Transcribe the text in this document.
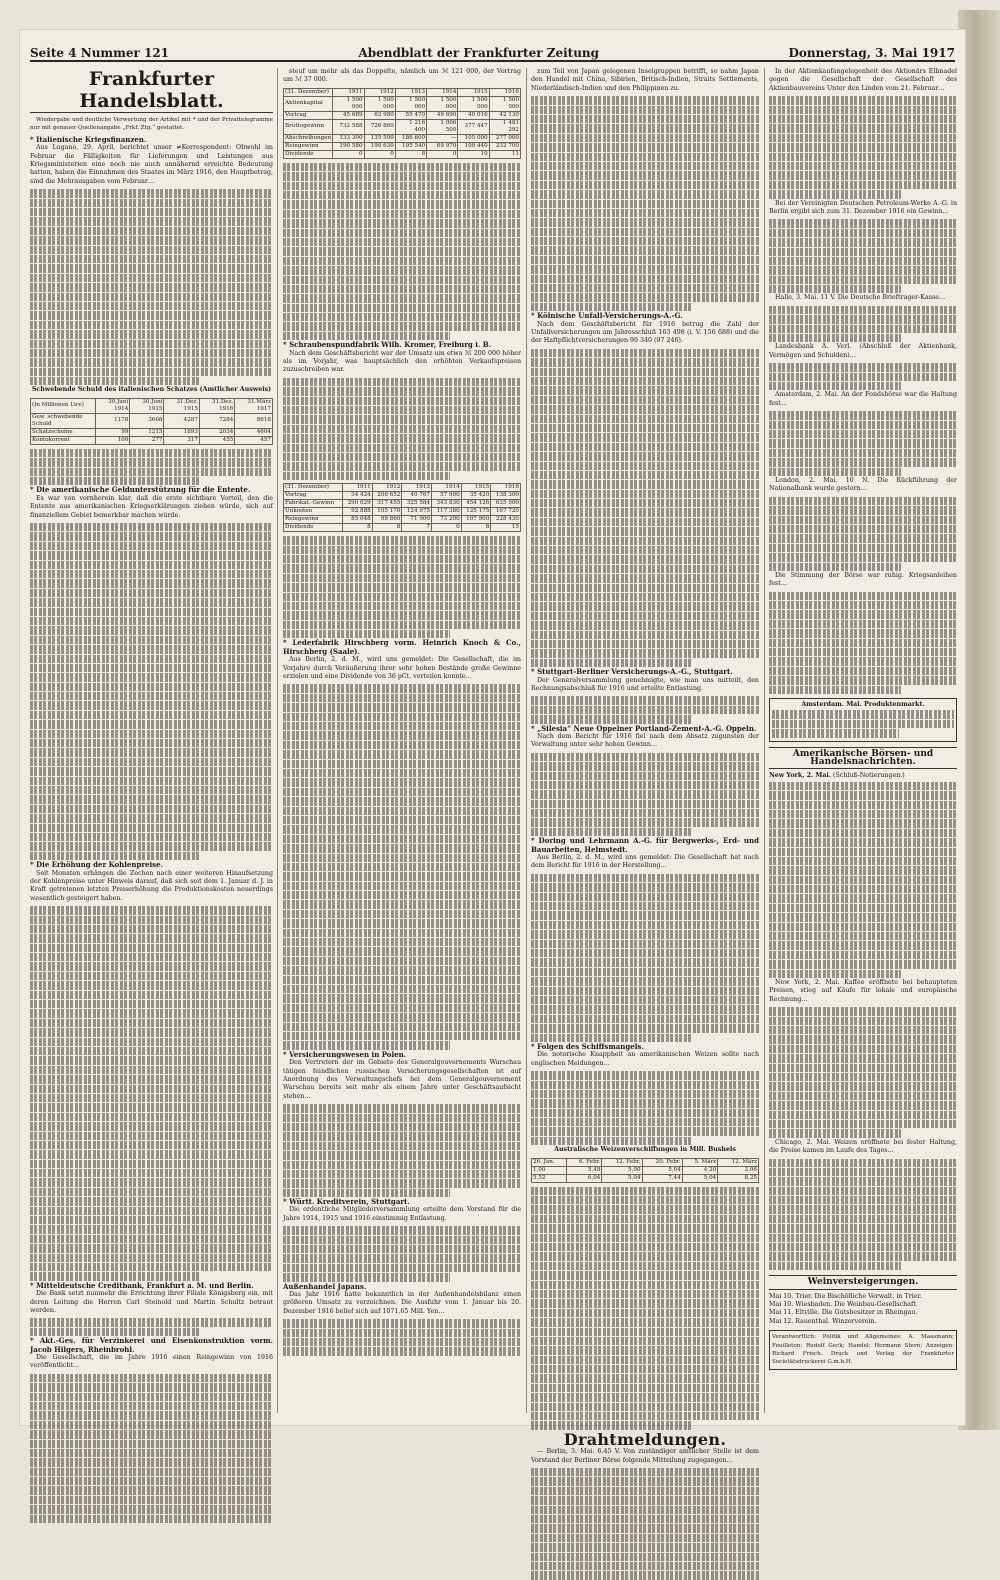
Seite 4 Nummer 121	Abendblatt der Frankfurter Zeitung	Donnerstag, 3. Mai 1917
Frankfurter Handelsblatt.
Wiedergabe und deutliche Verwertung der Artikel mit * und der Privattelegramme nur mit genauer Quellenangabe „Frkf. Ztg.“ gestattet.
* Italienische Kriegsfinanzen.
Aus Lugano, 29. April, berichtet unser ≠Korrespondent: Obwohl im Februar die Fälligkeiten für Lieferungen und Leistungen aus Kriegsministerien eine noch nie auch annähernd erreichte Bedeutung hatten, haben die Einnahmen des Staates im März 1916, den Hauptbetrag, sind die Mehrausgaben vom Februar…
Schwebende Schuld des italienischen Schatzes (Amtlicher Ausweis)
(In Millionen Lire)	30.Juni 1914	30.Juni 1915	31.Dez. 1915	31.Dez. 1916	31.März 1917
Gew. schwebende Schuld	1178	3668	4287	7284	8618
Schatzscheine	99	1215	1893	2034	4604
Kontokorrent	100	277	317	455	457
* Die amerikanische Geldunterstützung für die Entente.
Es war von vornherein klar, daß die erste sichtbare Vorteil, den die Entente aus amerikanischen Kriegserklärungen ziehen würde, sich auf finanziellem Gebiet bemerkbar machen würde.
* Die Erhöhung der Kohlenpreise.
Seit Monaten erhängen die Zechen nach einer weiteren Hinaufsetzung der Kohlenpreise unter Hinweis darauf, daß sich seit dem 1. Januar d. J. in Kraft getretenen letzten Preiserhöhung die Produktionskosten neuerdings wesentlich gesteigert haben.
* Mitteldeutsche Creditbank, Frankfurt a. M. und Berlin.
Die Bank setzt nunmehr die Errichtung ihrer Filiale Königsberg ein, mit deren Leitung die Herren Carl Steinold und Martin Schultz betraut werden.
* Akt.-Ges. für Verzinkerei und Eisenkonstruktion vorm. Jacob Hilgers, Rheinbrohl.
Die Gesellschaft, die im Jahre 1916 einen Reingewinn von 1916 veröffentlicht…
steuf um mehr als das Doppelte, nämlich um ℳ 121 000, der Vortrag um ℳ 37 000.
(31. Dezember)	1911	1912	1913	1914	1915	1916
Aktienkapital	1 500 000	1 500 000	1 500 000	1 500 000	1 500 000	1 500 000
Vortrag	45 689	63 980	55 470	49 690	40 016	42 130
Bruttogewinn	732 588	726 860	1 216 400	1 006 500	377 447	1 481 292
Abschreibungen	133 300	135 500	186 600	—	105 000	277 000
Reingewinn	190 580	190 630	195 540	69 970	109 440	232 700
Dividende	0	0	8	0	10	11
* Schraubenspundfabrik Wilh. Kromer, Freiburg i. B.
Nach dem Geschäftsbericht war der Umsatz um etwa ℳ 200 000 höher als im Vorjahr, was hauptsächlich den erhöhten Verkaufspreisen zuzuschreiben war.
(31. Dezember)	1911	1912	1913	1914	1915	1916
Vortrag	34 424	200 652	40 767	57 900	35 420	138 300
Fabrikat.-Gewinn	290 029	317 455	325 584	343 830	454 126	635 000
Unkosten	92 888	105 170	124 975	117 380	125 175	167 720
Reingewinn	85 048	99 860	71 900	73 200	107 900	228 430
Dividende	8	8	7	0	8	15
* Lederfabrik Hirschberg vorm. Heinrich Knoch & Co., Hirschberg (Saale).
Aus Berlin, 2. d. M., wird uns gemeldet: Die Gesellschaft, die im Vorjahre durch Veräußerung ihrer sehr hohen Bestände große Gewinne erzielen und eine Dividende von 36 pCt. verteilen konnte…
* Versicherungswesen in Polen.
Den Vertretern der im Gebiete des Generalgouvernements Warschau tätigen feindlichen russischen Versicherungsgesellschaften ist auf Anordnung des Verwaltungschefs bei dem Generalgouvernement Warschau bereits seit mehr als einem Jahre unter Geschäftsaufsicht stehen…
* Württ. Kreditverein, Stuttgart.
Die ordentliche Mitgliederversammlung erteilte dem Vorstand für die Jahre 1914, 1915 und 1916 einstimmig Entlastung.
Außenhandel Japans.
Das Jahr 1916 hatte bekanntlich in der Außenhandelsbilanz einen größeren Umsatz zu verzeichnen. Die Ausfuhr vom 1. Januar bis 20. Dezember 1916 belief sich auf 1071,65 Mill. Yen…
zum Teil von Japan gelegenen Inselgruppen betrifft, so nahm Japan den Handel mit China, Sibirien, Britisch-Indien, Straits Settlements, Niederländisch-Indien und den Philippinen zu.
* Kölnische Unfall-Versicherungs-A.-G.
Nach dem Geschäftsbericht für 1916 betrug die Zahl der Unfallversicherungen am Jahresschluß 163 498 (i. V. 156 688) und die der Haftpflichtversicherungen 99 340 (97 246).
* Stuttgart-Berliner Versicherungs-A.-G., Stuttgart.
Der Generalversammlung genehmigte, wie man uns mitteilt, den Rechnungsabschluß für 1916 und erteilte Entlastung.
* „Silesia“ Neue Oppelner Portland-Zement-A.-G. Oppeln.
Nach dem Bericht für 1916 fiel nach dem Absatz zugunsten der Verwaltung unter sehr hohen Gewinn…
* Doring und Lehrmann A.-G. für Bergwerks-, Erd- und Bauarbeiten, Helmstedt.
Aus Berlin, 2. d. M., wird uns gemeldet: Die Gesellschaft hat nach dem Bericht für 1916 in der Herstellung…
* Folgen des Schiffsmangels.
Die notorische Knappheit an amerikanischen Weizen sollte nach englischen Meldungen…
Australische Weizenverschiffungen in Mill. Bushels
26. Jan.	6. Febr.	12. Febr.	20. Febr.	5. März	12. März
1,00	5,48	5,00	5,04	4,20	3,06
5,52	6,04	5,04	7,44	5,04	8,25
Drahtmeldungen.
— Berlin, 3. Mai. 6.45 V. Von zuständiger amtlicher Stelle ist dem Vorstand der Berliner Börse folgende Mitteilung zugegangen…
In der Aktienkaufangelegenheit des Aktionärs Elbnadel gegen die Gesellschaft der Gesellschaft des Aktienbauvereins Unter den Linden vom 21. Februar…
Bei der Vereinigten Deutschen Petroleum-Werke A.-G. in Berlin ergibt sich zum 31. Dezember 1916 ein Gewinn…
Halle, 3. Mai. 11 V. Die Deutsche Brieftrager-Kasse…
Landesbank A. Verl. (Abschluß der Aktienbank, Vermögen und Schulden)…
Amsterdam, 2. Mai. An der Fondsbörse war die Haltung fest…
London, 2. Mai. 10 N. Die Rückführung der Nationalbank wurde gestern…
Die Stimmung der Börse war ruhig. Kriegsanleihen fest…
Amsterdam. Mai. Produktenmarkt.
Amerikanische Börsen- und Handelsnachrichten.
New York, 2. Mai. (Schluß-Notierungen.)
New York, 2. Mai. Kaffee eröffnete bei behaupteten Preisen, stieg auf Käufe für lokale und europäische Rechnung…
Chicago, 2. Mai. Weizen eröffnete bei fester Haltung, die Preise kamen im Laufe des Tages…
Weinversteigerungen.
Mai 10. Trier. Die Bischöfliche Verwalt. in Trier.
Mai 10. Wiesbaden. Die Weinbau-Gesellschaft.
Mai 11. Eltville. Die Gutsbesitzer in Rheingau.
Mai 12. Rauenthal. Winzerverein.
Verantwortlich: Politik und Allgemeines: A. Maasmann; Feuilleton: Rudolf Geck; Handel: Hermann Stern; Anzeigen: Richard Frisch. Druck und Verlag der Frankfurter Societätsdruckerei G.m.b.H.
